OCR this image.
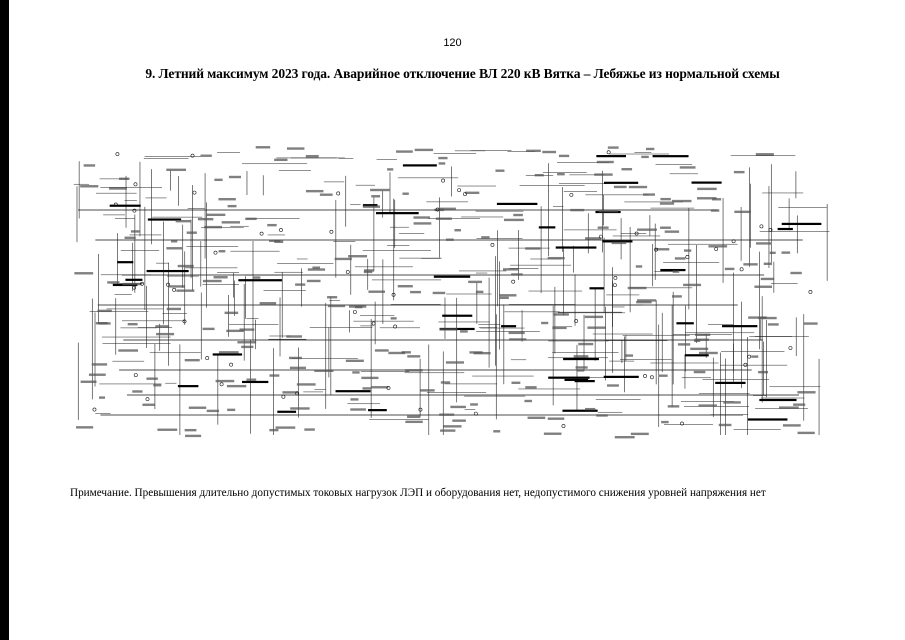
120
9. Летний максимум 2023 года. Аварийное отключение ВЛ 220 кВ Вятка – Лебяжье из нормальной схемы
Примечание. Превышения длительно допустимых токовых нагрузок ЛЭП и оборудования нет, недопустимого снижения уровней напряжения нет
